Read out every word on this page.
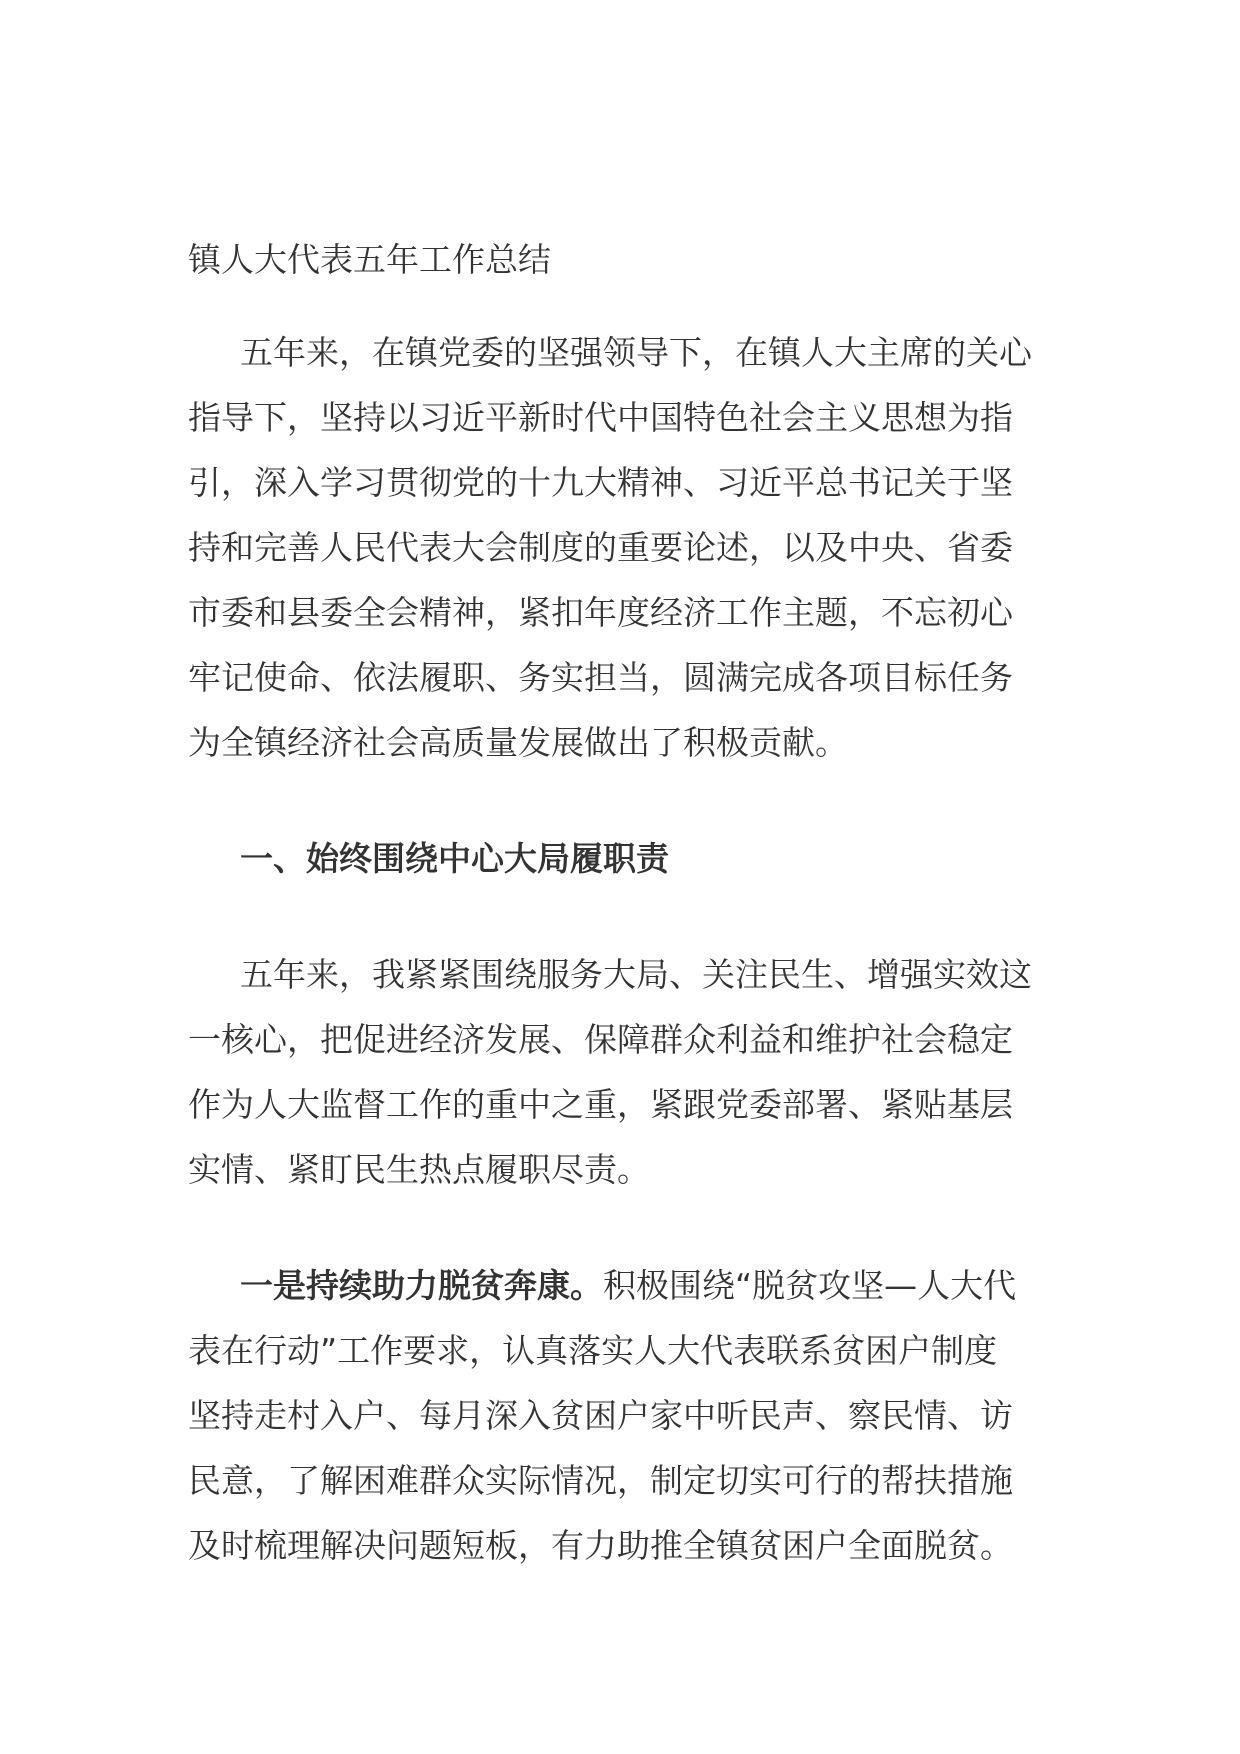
镇人大代表五年工作总结
五年来，在镇党委的坚强领导下，在镇人大主席的关心
指导下，坚持以习近平新时代中国特色社会主义思想为指
引，深入学习贯彻党的十九大精神、习近平总书记关于坚
持和完善人民代表大会制度的重要论述，以及中央、省委
市委和县委全会精神，紧扣年度经济工作主题，不忘初心
牢记使命、依法履职、务实担当，圆满完成各项目标任务
为全镇经济社会高质量发展做出了积极贡献。
一、始终围绕中心大局履职责
五年来，我紧紧围绕服务大局、关注民生、增强实效这
一核心，把促进经济发展、保障群众利益和维护社会稳定
作为人大监督工作的重中之重，紧跟党委部署、紧贴基层
实情、紧盯民生热点履职尽责。
一是持续助力脱贫奔康。积极围绕“脱贫攻坚—人大代
表在行动”工作要求，认真落实人大代表联系贫困户制度
坚持走村入户、每月深入贫困户家中听民声、察民情、访
民意，了解困难群众实际情况，制定切实可行的帮扶措施
及时梳理解决问题短板，有力助推全镇贫困户全面脱贫。
